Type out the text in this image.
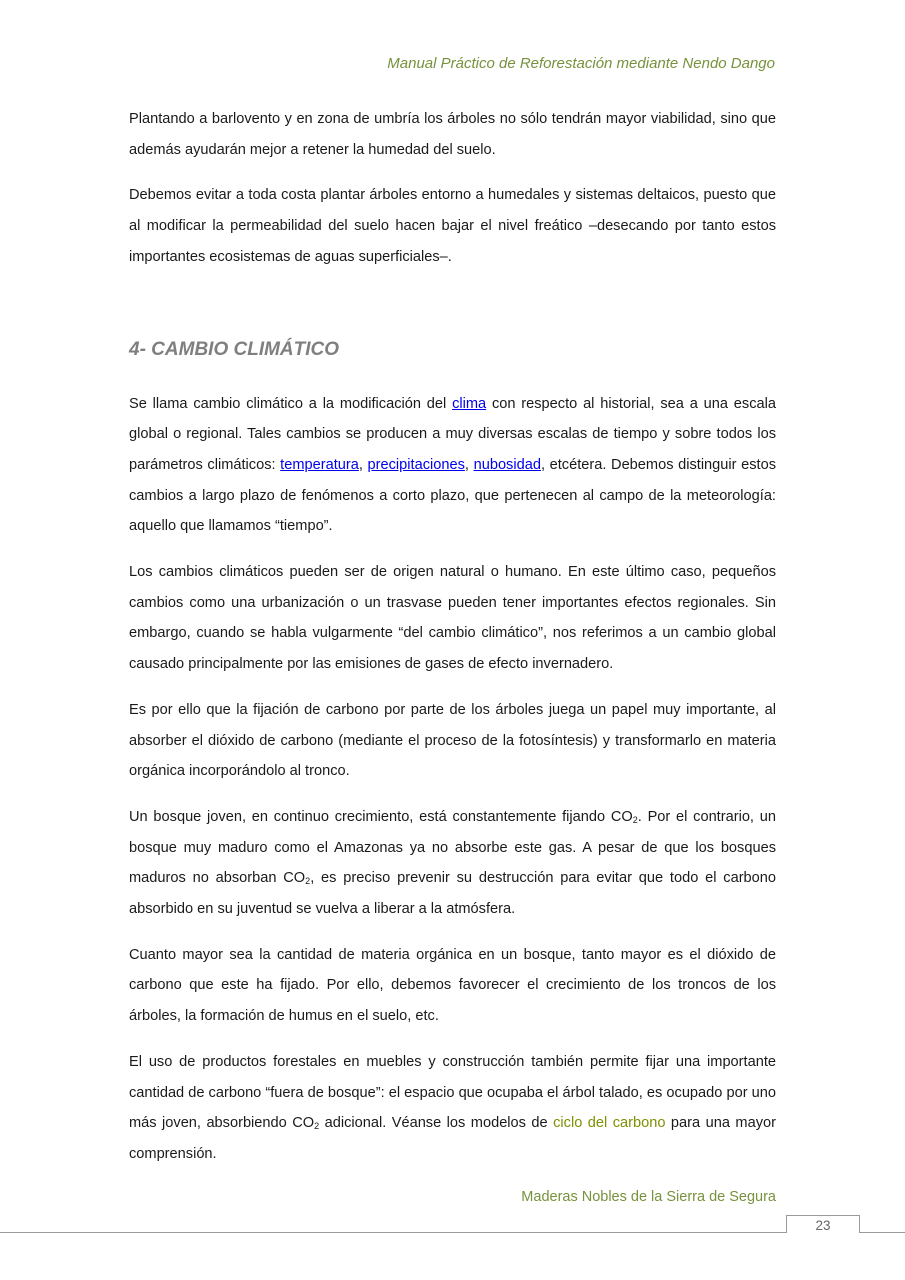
Manual Práctico de Reforestación mediante Nendo Dango

Plantando a barlovento y en zona de umbría los árboles no sólo tendrán mayor viabilidad, sino que además ayudarán mejor a retener la humedad del suelo.

Debemos evitar a toda costa plantar árboles entorno a humedales y sistemas deltaicos, puesto que al modificar la permeabilidad del suelo hacen bajar el nivel freático –desecando por tanto estos importantes ecosistemas de aguas superficiales–.

4- CAMBIO CLIMÁTICO

Se llama cambio climático a la modificación del clima con respecto al historial, sea a una escala global o regional. Tales cambios se producen a muy diversas escalas de tiempo y sobre todos los parámetros climáticos: temperatura, precipitaciones, nubosidad, etcétera. Debemos distinguir estos cambios a largo plazo de fenómenos a corto plazo, que pertenecen al campo de la meteorología: aquello que llamamos “tiempo”.

Los cambios climáticos pueden ser de origen natural o humano. En este último caso, pequeños cambios como una urbanización o un trasvase pueden tener importantes efectos regionales. Sin embargo, cuando se habla vulgarmente “del cambio climático”, nos referimos a un cambio global causado principalmente por las emisiones de gases de efecto invernadero.

Es por ello que la fijación de carbono por parte de los árboles juega un papel muy importante, al absorber el dióxido de carbono (mediante el proceso de la fotosíntesis) y transformarlo en materia orgánica incorporándolo al tronco.

Un bosque joven, en continuo crecimiento, está constantemente fijando $CO_2$. Por el contrario, un bosque muy maduro como el Amazonas ya no absorbe este gas. A pesar de que los bosques maduros no absorban $CO_2$, es preciso prevenir su destrucción para evitar que todo el carbono absorbido en su juventud se vuelva a liberar a la atmósfera.

Cuanto mayor sea la cantidad de materia orgánica en un bosque, tanto mayor es el dióxido de carbono que este ha fijado. Por ello, debemos favorecer el crecimiento de los troncos de los árboles, la formación de humus en el suelo, etc.

El uso de productos forestales en muebles y construcción también permite fijar una importante cantidad de carbono “fuera de bosque”: el espacio que ocupaba el árbol talado, es ocupado por uno más joven, absorbiendo $CO_2$ adicional. Véanse los modelos de ciclo del carbono para una mayor comprensión.

Maderas Nobles de la Sierra de Segura
23
